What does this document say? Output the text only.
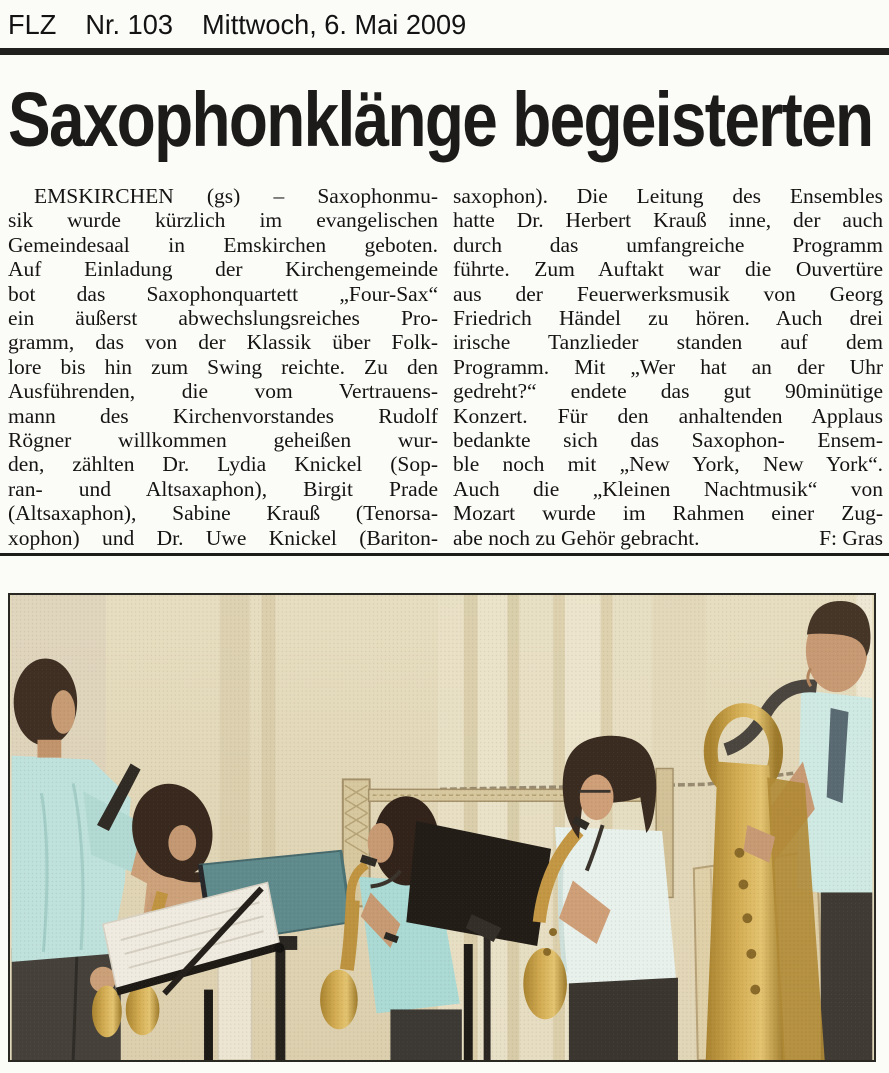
FLZ Nr. 103 Mittwoch, 6. Mai 2009
Saxophonklänge begeisterten
EMSKIRCHEN (gs) – Saxophonmu-
sik wurde kürzlich im evangelischen
Gemeindesaal in Emskirchen geboten.
Auf Einladung der Kirchengemeinde
bot das Saxophonquartett „Four-Sax“
ein äußerst abwechslungsreiches Pro-
gramm, das von der Klassik über Folk-
lore bis hin zum Swing reichte. Zu den
Ausführenden, die vom Vertrauens-
mann des Kirchenvorstandes Rudolf
Rögner willkommen geheißen wur-
den, zählten Dr. Lydia Knickel (Sop-
ran- und Altsaxaphon), Birgit Prade
(Altsaxaphon), Sabine Krauß (Tenorsa-
xophon) und Dr. Uwe Knickel (Bariton-
saxophon). Die Leitung des Ensembles
hatte Dr. Herbert Krauß inne, der auch
durch das umfangreiche Programm
führte. Zum Auftakt war die Ouvertüre
aus der Feuerwerksmusik von Georg
Friedrich Händel zu hören. Auch drei
irische Tanzlieder standen auf dem
Programm. Mit „Wer hat an der Uhr
gedreht?“ endete das gut 90minütige
Konzert. Für den anhaltenden Applaus
bedankte sich das Saxophon- Ensem-
ble noch mit „New York, New York“.
Auch die „Kleinen Nachtmusik“ von
Mozart wurde im Rahmen einer Zug-
abe noch zu Gehör gebracht.	F: Gras
